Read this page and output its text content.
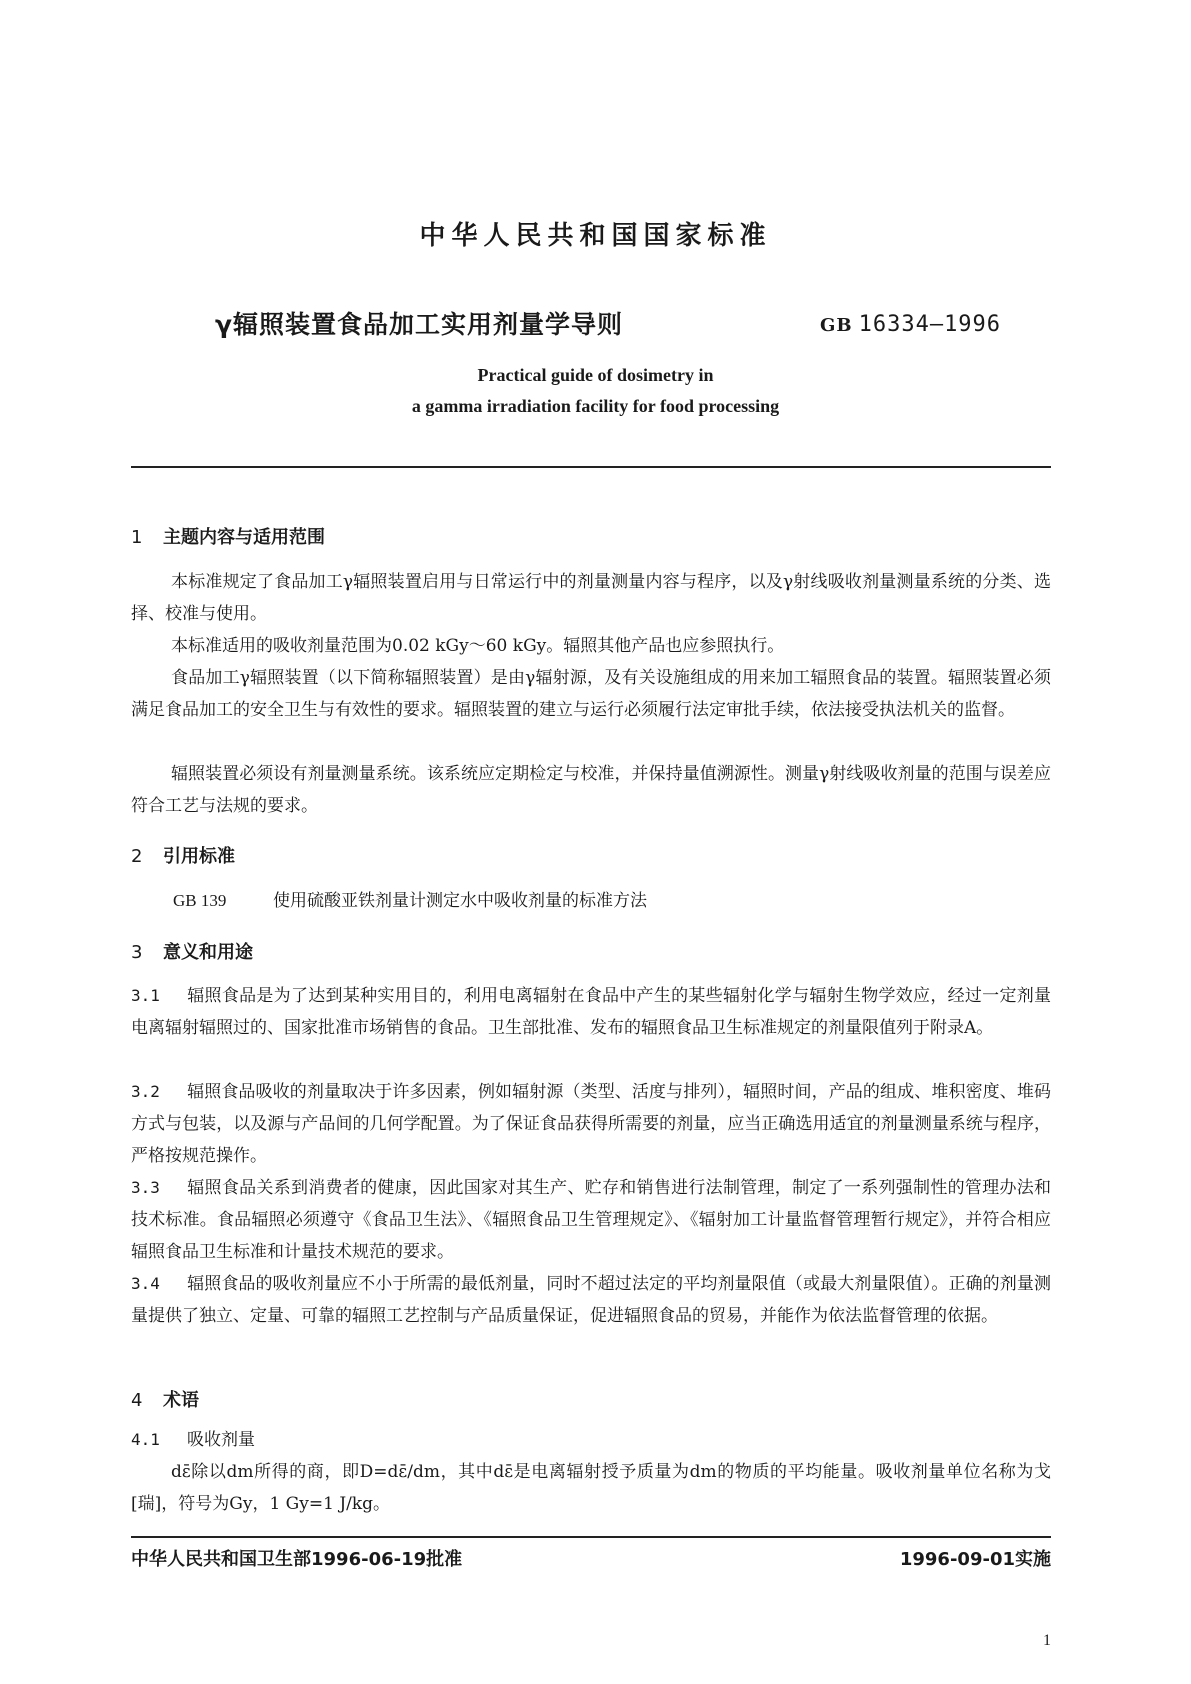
中华人民共和国国家标准
γ辐照装置食品加工实用剂量学导则	GB 16334—1996
Practical guide of dosimetry in
a gamma irradiation facility for food processing
1 主题内容与适用范围
本标准规定了食品加工γ辐照装置启用与日常运行中的剂量测量内容与程序，以及γ射线吸收剂量测量系统的分类、选择、校准与使用。
本标准适用的吸收剂量范围为0.02 kGy～60 kGy。辐照其他产品也应参照执行。
食品加工γ辐照装置（以下简称辐照装置）是由γ辐射源，及有关设施组成的用来加工辐照食品的装置。辐照装置必须满足食品加工的安全卫生与有效性的要求。辐照装置的建立与运行必须履行法定审批手续，依法接受执法机关的监督。
辐照装置必须设有剂量测量系统。该系统应定期检定与校准，并保持量值溯源性。测量γ射线吸收剂量的范围与误差应符合工艺与法规的要求。
2 引用标准
GB 139	使用硫酸亚铁剂量计测定水中吸收剂量的标准方法
3 意义和用途
3.1 辐照食品是为了达到某种实用目的，利用电离辐射在食品中产生的某些辐射化学与辐射生物学效应，经过一定剂量电离辐射辐照过的、国家批准市场销售的食品。卫生部批准、发布的辐照食品卫生标准规定的剂量限值列于附录A。
3.2 辐照食品吸收的剂量取决于许多因素，例如辐射源（类型、活度与排列），辐照时间，产品的组成、堆积密度、堆码方式与包装，以及源与产品间的几何学配置。为了保证食品获得所需要的剂量，应当正确选用适宜的剂量测量系统与程序，严格按规范操作。
3.3 辐照食品关系到消费者的健康，因此国家对其生产、贮存和销售进行法制管理，制定了一系列强制性的管理办法和技术标准。食品辐照必须遵守《食品卫生法》、《辐照食品卫生管理规定》、《辐射加工计量监督管理暂行规定》，并符合相应辐照食品卫生标准和计量技术规范的要求。
3.4 辐照食品的吸收剂量应不小于所需的最低剂量，同时不超过法定的平均剂量限值（或最大剂量限值）。正确的剂量测量提供了独立、定量、可靠的辐照工艺控制与产品质量保证，促进辐照食品的贸易，并能作为依法监督管理的依据。
4 术语
4.1 吸收剂量
dε̄除以dm所得的商，即D=dε̄/dm，其中dε̄是电离辐射授予质量为dm的物质的平均能量。吸收剂量单位名称为戈[瑞]，符号为Gy，1 Gy=1 J/kg。
中华人民共和国卫生部1996-06-19批准	1996-09-01实施
1
